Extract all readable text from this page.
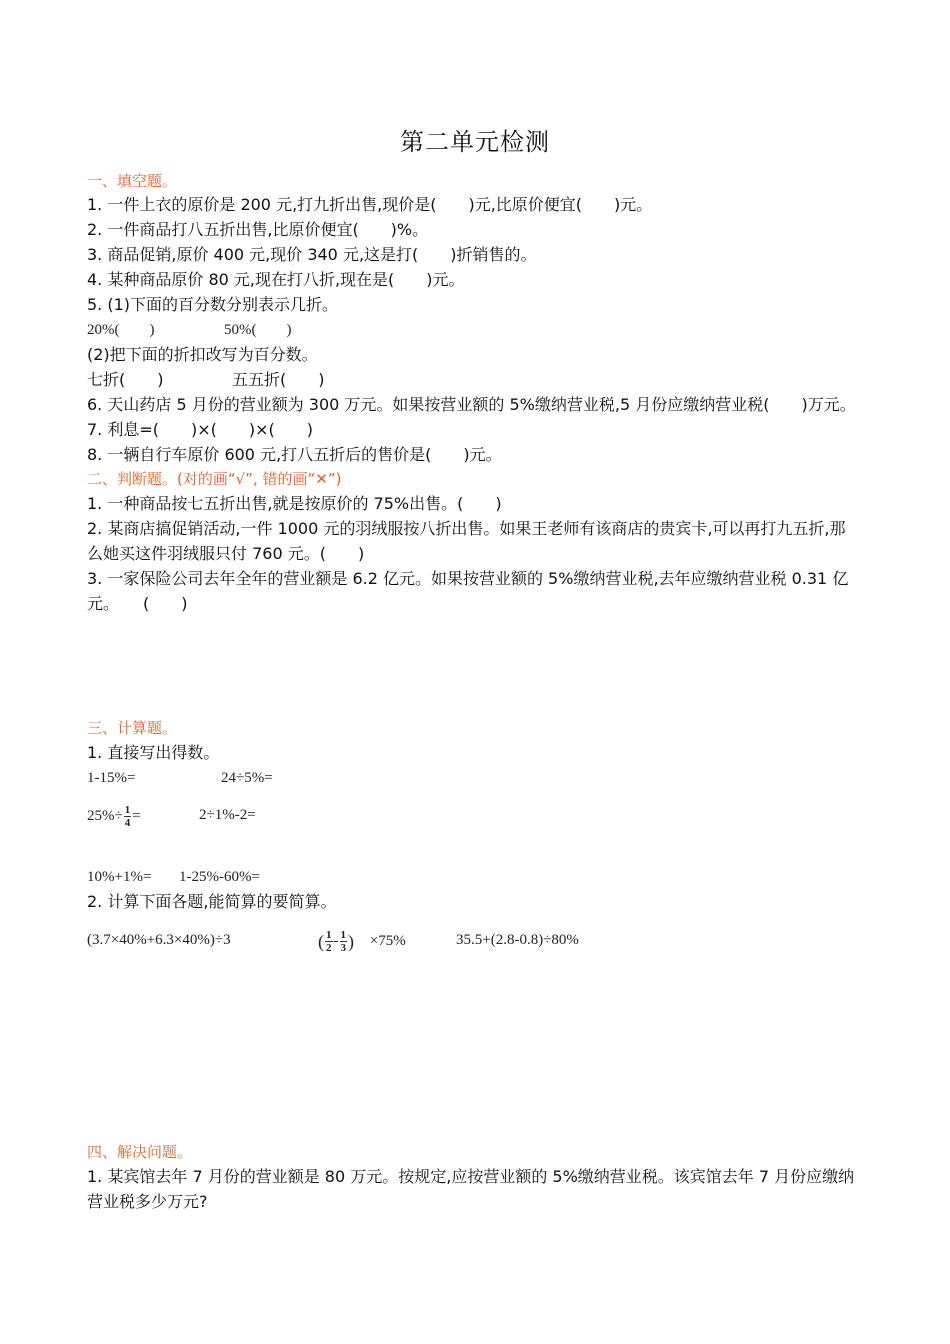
第二单元检测
一、填空题。
1. 一件上衣的原价是 200 元,打九折出售,现价是(　　)元,比原价便宜(　　)元。
2. 一件商品打八五折出售,比原价便宜(　　)%。
3. 商品促销,原价 400 元,现价 340 元,这是打(　　)折销售的。
4. 某种商品原价 80 元,现在打八折,现在是(　　)元。
5. (1)下面的百分数分别表示几折。
20%(　　)	50%(　　)
(2)把下面的折扣改写为百分数。
七折(　　)	五五折(　　)
6. 天山药店 5 月份的营业额为 300 万元。如果按营业额的 5%缴纳营业税,5 月份应缴纳营业税(　　)万元。
7. 利息=(　　)×(　　)×(　　)
8. 一辆自行车原价 600 元,打八五折后的售价是(　　)元。
二、判断题。(对的画“√”, 错的画“✕”)
1. 一种商品按七五折出售,就是按原价的 75%出售。(　　)
2. 某商店搞促销活动,一件 1000 元的羽绒服按八折出售。如果王老师有该商店的贵宾卡,可以再打九五折,那
么她买这件羽绒服只付 760 元。(　　)
3. 一家保险公司去年全年的营业额是 6.2 亿元。如果按营业额的 5%缴纳营业税,去年应缴纳营业税 0.31 亿
元。　　(　　)
三、计算题。
1. 直接写出得数。
1-15%=	24÷5%=
$25\%\div \frac{1}{4}$ =	2÷1%-2=
10%+1%= 1-25%-60%=
2. 计算下面各题,能简算的要简算。
(3.7×40%+6.3×40%)÷3	( $\frac{1}{2} - \frac{1}{3}$ ) ×75%	35.5+(2.8-0.8)÷80%
四、解决问题。
1. 某宾馆去年 7 月份的营业额是 80 万元。按规定,应按营业额的 5%缴纳营业税。该宾馆去年 7 月份应缴纳
营业税多少万元?
